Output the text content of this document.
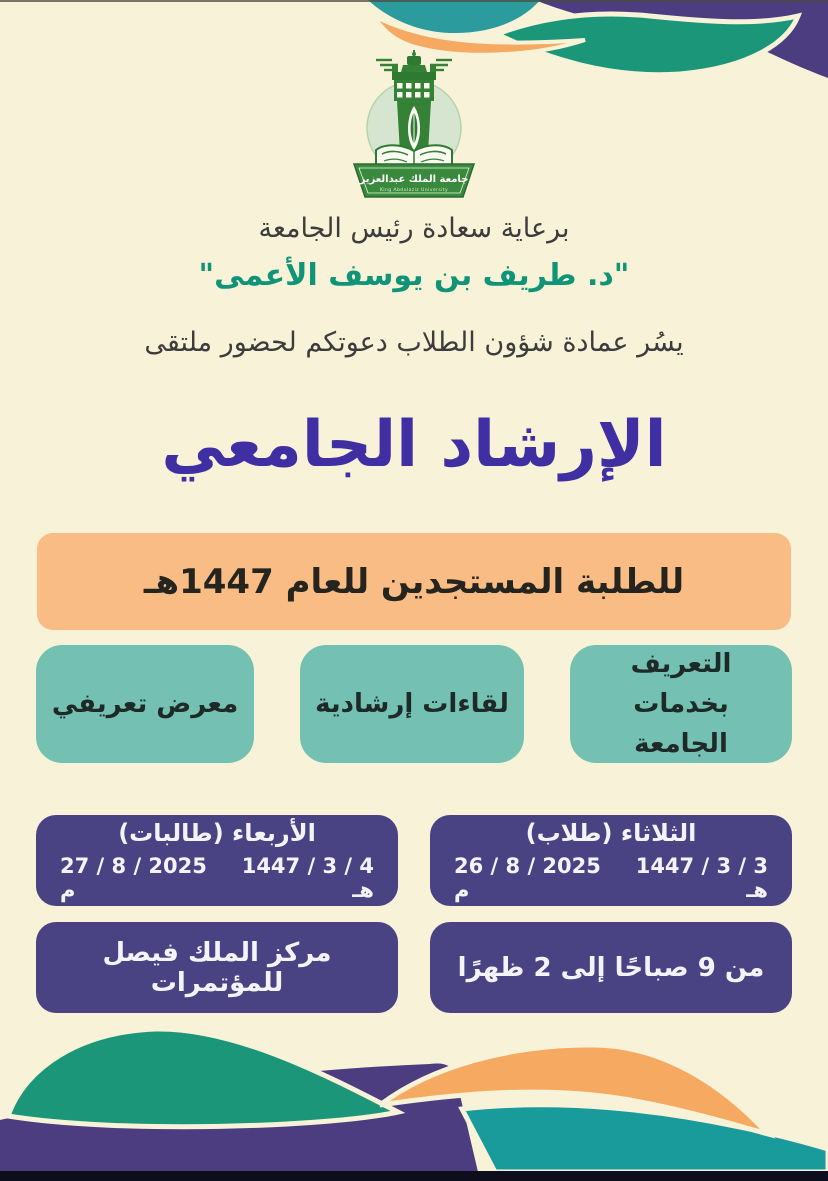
جامعة الملك عبدالعزيز
King Abdulaziz University
برعاية سعادة رئيس الجامعة
"د. طريف بن يوسف الأعمى"
يسُر عمادة شؤون الطلاب دعوتكم لحضور ملتقى
الإرشاد الجامعي
للطلبة المستجدين للعام 1447هـ
التعريف بخدمات الجامعة
لقاءات إرشادية
معرض تعريفي
الثلاثاء (طلاب)
3 / 3 / 1447 هـ
26 / 8 / 2025 م
الأربعاء (طالبات)
4 / 3 / 1447 هـ
27 / 8 / 2025 م
من 9 صباحًا إلى 2 ظهرًا
مركز الملك فيصل للمؤتمرات
